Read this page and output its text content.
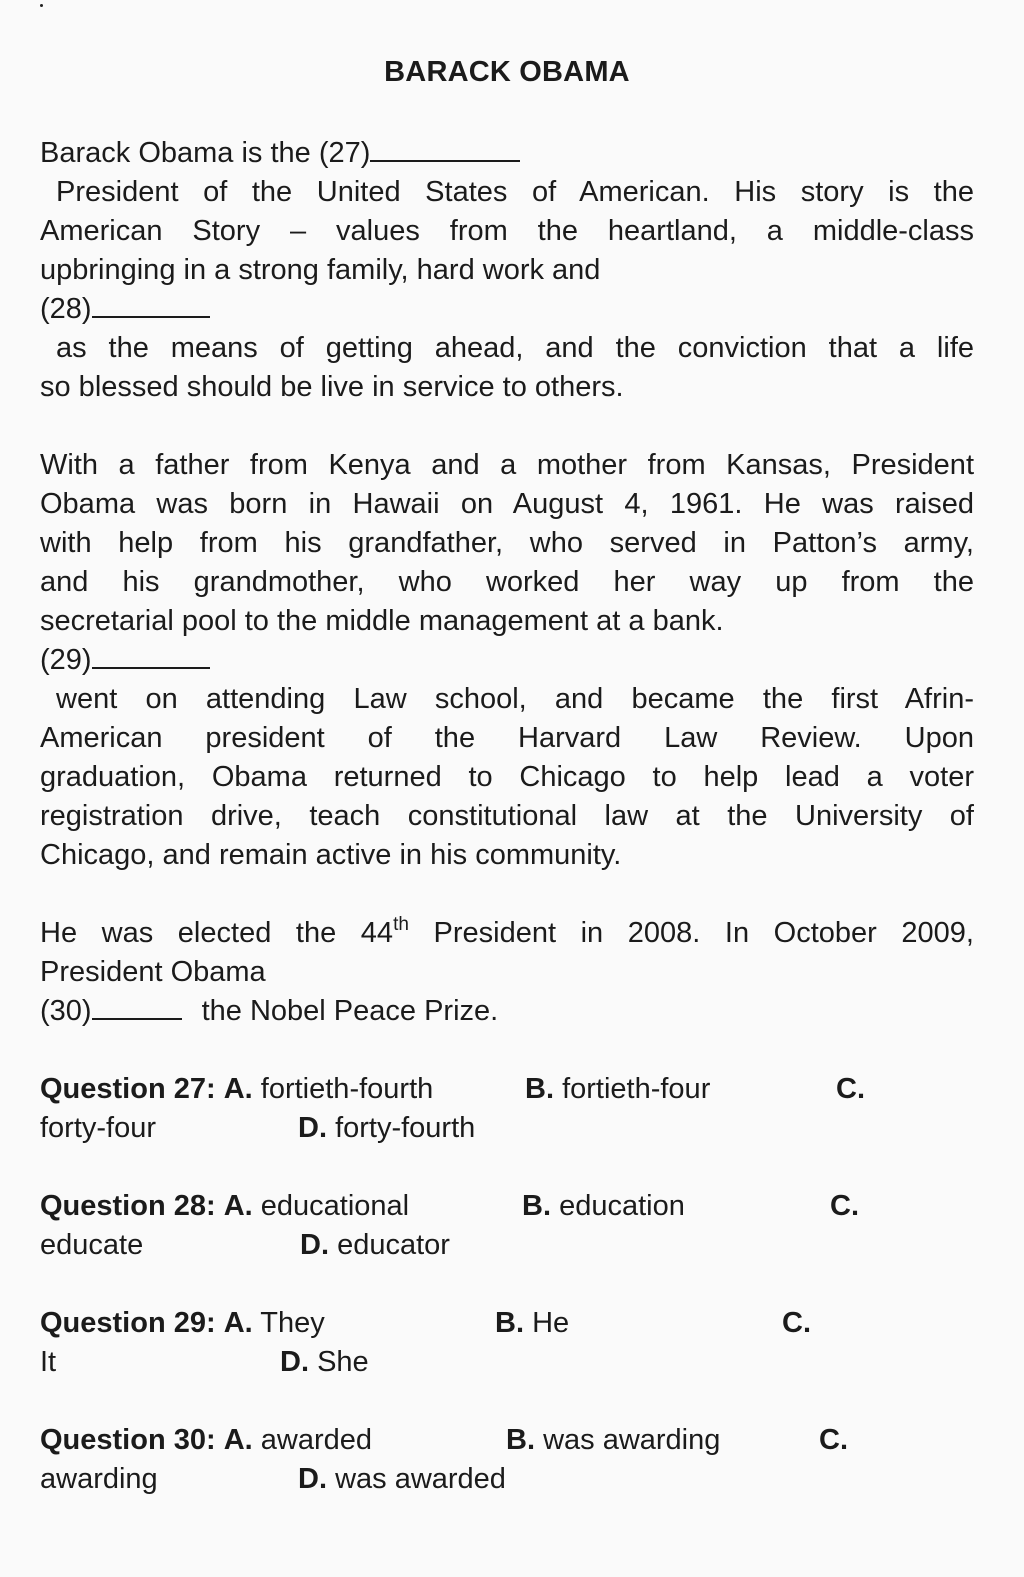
BARACK OBAMA
Barack Obama is the (27)
President of the United States of American. His story is the
American Story – values from the heartland, a middle-class
upbringing in a strong family, hard work and
(28)
as the means of getting ahead, and the conviction that a life
so blessed should be live in service to others.
With a father from Kenya and a mother from Kansas, President
Obama was born in Hawaii on August 4, 1961. He was raised
with help from his grandfather, who served in Patton’s army,
and his grandmother, who worked her way up from the
secretarial pool to the middle management at a bank.
(29)
went on attending Law school, and became the first Afrin-
American president of the Harvard Law Review. Upon
graduation, Obama returned to Chicago to help lead a voter
registration drive, teach constitutional law at the University of
Chicago, and remain active in his community.
He was elected the 44th President in 2008. In October 2009,
President Obama
(30)	the Nobel Peace Prize.
Question 27: A. fortieth-fourth	B. fortieth-four	C.
forty-four	D. forty-fourth
Question 28: A. educational	B. education	C.
educate	D. educator
Question 29: A. They	B. He	C.
It	D. She
Question 30: A. awarded	B. was awarding	C.
awarding	D. was awarded
